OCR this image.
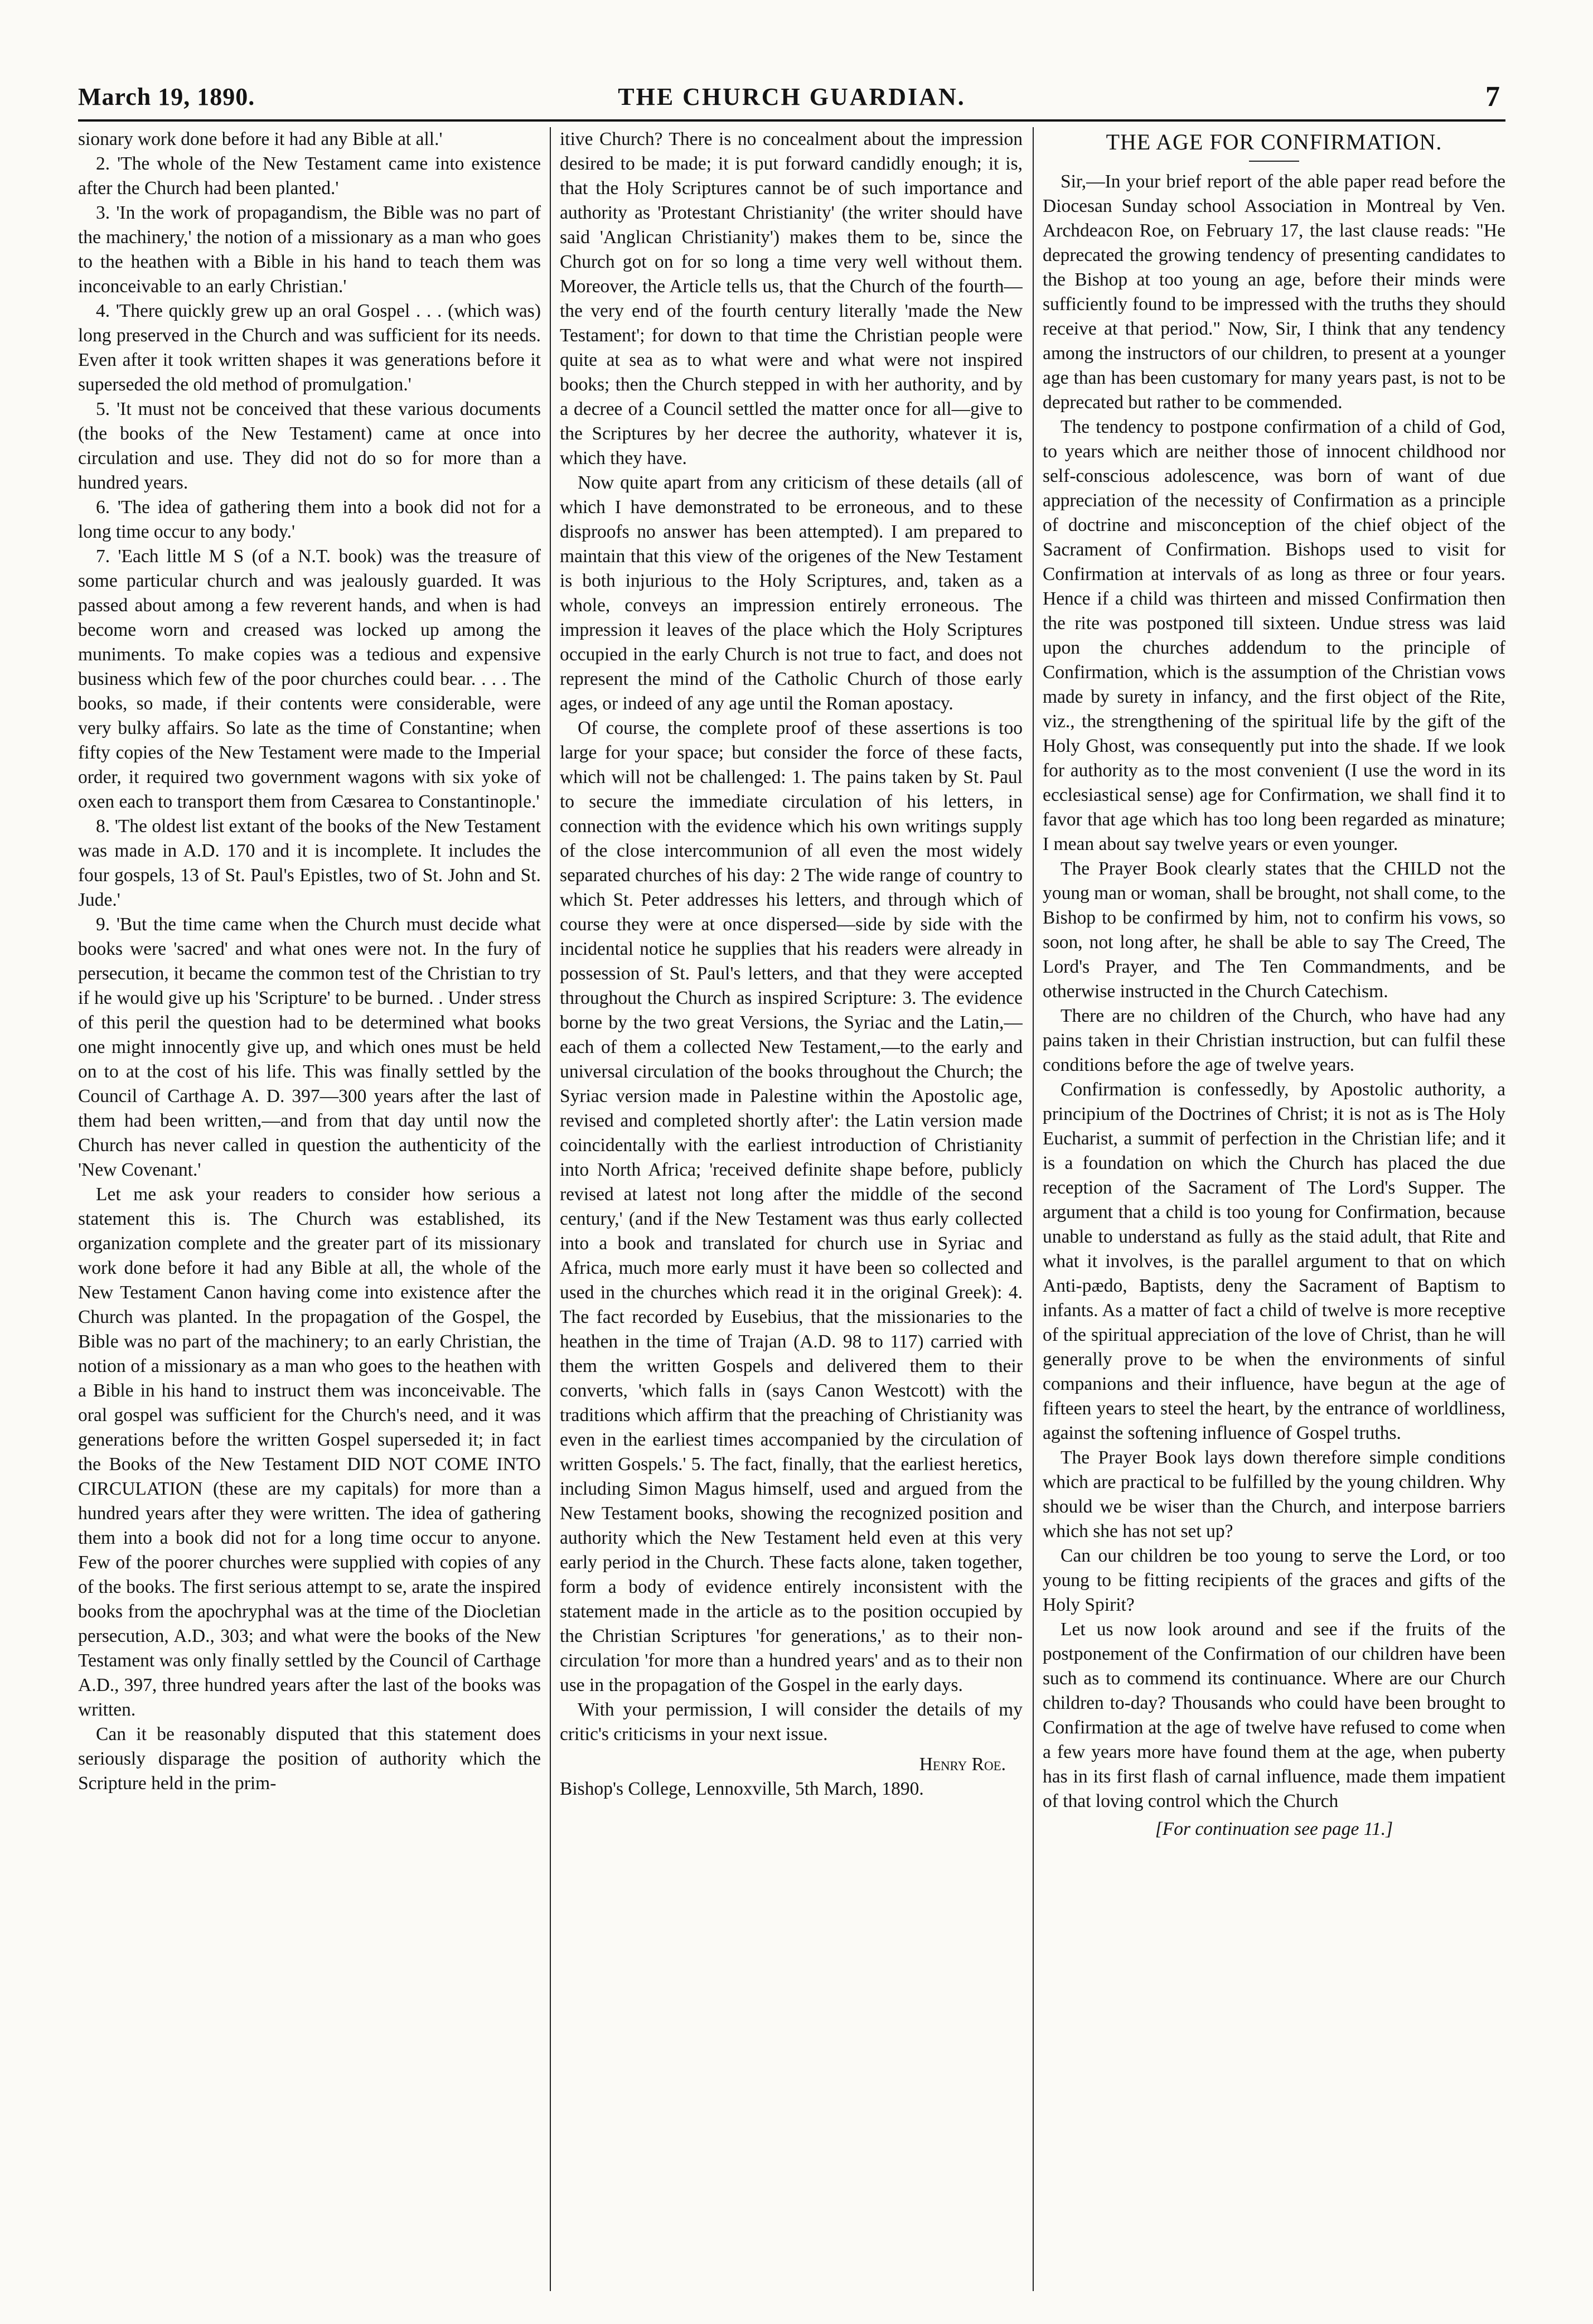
March 19, 1890.	THE CHURCH GUARDIAN.	7

sionary work done before it had any Bible at all.'

2. 'The whole of the New Testament came into existence after the Church had been planted.'

3. 'In the work of propagandism, the Bible was no part of the machinery,' the notion of a missionary as a man who goes to the heathen with a Bible in his hand to teach them was inconceivable to an early Christian.'

4. 'There quickly grew up an oral Gospel . . . (which was) long preserved in the Church and was sufficient for its needs. Even after it took written shapes it was generations before it superseded the old method of promulgation.'

5. 'It must not be conceived that these various documents (the books of the New Testament) came at once into circulation and use. They did not do so for more than a hundred years.

6. 'The idea of gathering them into a book did not for a long time occur to any body.'

7. 'Each little M S (of a N.T. book) was the treasure of some particular church and was jealously guarded. It was passed about among a few reverent hands, and when is had become worn and creased was locked up among the muniments. To make copies was a tedious and expensive business which few of the poor churches could bear. . . . The books, so made, if their contents were considerable, were very bulky affairs. So late as the time of Constantine; when fifty copies of the New Testament were made to the Imperial order, it required two government wagons with six yoke of oxen each to transport them from Cæsarea to Constantinople.'

8. 'The oldest list extant of the books of the New Testament was made in A.D. 170 and it is incomplete. It includes the four gospels, 13 of St. Paul's Epistles, two of St. John and St. Jude.'

9. 'But the time came when the Church must decide what books were 'sacred' and what ones were not. In the fury of persecution, it became the common test of the Christian to try if he would give up his 'Scripture' to be burned. . Under stress of this peril the question had to be determined what books one might innocently give up, and which ones must be held on to at the cost of his life. This was finally settled by the Council of Carthage A. D. 397—300 years after the last of them had been written,—and from that day until now the Church has never called in question the authenticity of the 'New Covenant.'

Let me ask your readers to consider how serious a statement this is. The Church was established, its organization complete and the greater part of its missionary work done before it had any Bible at all, the whole of the New Testament Canon having come into existence after the Church was planted. In the propagation of the Gospel, the Bible was no part of the machinery; to an early Christian, the notion of a missionary as a man who goes to the heathen with a Bible in his hand to instruct them was inconceivable. The oral gospel was sufficient for the Church's need, and it was generations before the written Gospel superseded it; in fact the Books of the New Testament DID NOT COME INTO CIRCULATION (these are my capitals) for more than a hundred years after they were written. The idea of gathering them into a book did not for a long time occur to anyone. Few of the poorer churches were supplied with copies of any of the books. The first serious attempt to se, arate the inspired books from the apochryphal was at the time of the Diocletian persecution, A.D., 303; and what were the books of the New Testament was only finally settled by the Council of Carthage A.D., 397, three hundred years after the last of the books was written.

Can it be reasonably disputed that this statement does seriously disparage the position of authority which the Scripture held in the prim-

itive Church? There is no concealment about the impression desired to be made; it is put forward candidly enough; it is, that the Holy Scriptures cannot be of such importance and authority as 'Protestant Christianity' (the writer should have said 'Anglican Christianity') makes them to be, since the Church got on for so long a time very well without them. Moreover, the Article tells us, that the Church of the fourth—the very end of the fourth century literally 'made the New Testament'; for down to that time the Christian people were quite at sea as to what were and what were not inspired books; then the Church stepped in with her authority, and by a decree of a Council settled the matter once for all—give to the Scriptures by her decree the authority, whatever it is, which they have.

Now quite apart from any criticism of these details (all of which I have demonstrated to be erroneous, and to these disproofs no answer has been attempted). I am prepared to maintain that this view of the origenes of the New Testament is both injurious to the Holy Scriptures, and, taken as a whole, conveys an impression entirely erroneous. The impression it leaves of the place which the Holy Scriptures occupied in the early Church is not true to fact, and does not represent the mind of the Catholic Church of those early ages, or indeed of any age until the Roman apostacy.

Of course, the complete proof of these assertions is too large for your space; but consider the force of these facts, which will not be challenged: 1. The pains taken by St. Paul to secure the immediate circulation of his letters, in connection with the evidence which his own writings supply of the close intercommunion of all even the most widely separated churches of his day: 2 The wide range of country to which St. Peter addresses his letters, and through which of course they were at once dispersed—side by side with the incidental notice he supplies that his readers were already in possession of St. Paul's letters, and that they were accepted throughout the Church as inspired Scripture: 3. The evidence borne by the two great Versions, the Syriac and the Latin,—each of them a collected New Testament,—to the early and universal circulation of the books throughout the Church; the Syriac version made in Palestine within the Apostolic age, revised and completed shortly after': the Latin version made coincidentally with the earliest introduction of Christianity into North Africa; 'received definite shape before, publicly revised at latest not long after the middle of the second century,' (and if the New Testament was thus early collected into a book and translated for church use in Syriac and Africa, much more early must it have been so collected and used in the churches which read it in the original Greek): 4. The fact recorded by Eusebius, that the missionaries to the heathen in the time of Trajan (A.D. 98 to 117) carried with them the written Gospels and delivered them to their converts, 'which falls in (says Canon Westcott) with the traditions which affirm that the preaching of Christianity was even in the earliest times accompanied by the circulation of written Gospels.' 5. The fact, finally, that the earliest heretics, including Simon Magus himself, used and argued from the New Testament books, showing the recognized position and authority which the New Testament held even at this very early period in the Church. These facts alone, taken together, form a body of evidence entirely inconsistent with the statement made in the article as to the position occupied by the Christian Scriptures 'for generations,' as to their non-circulation 'for more than a hundred years' and as to their non use in the propagation of the Gospel in the early days.

With your permission, I will consider the details of my critic's criticisms in your next issue.

Henry Roe.

Bishop's College, Lennoxville, 5th March, 1890.

THE AGE FOR CONFIRMATION.

Sir,—In your brief report of the able paper read before the Diocesan Sunday school Association in Montreal by Ven. Archdeacon Roe, on February 17, the last clause reads: "He deprecated the growing tendency of presenting candidates to the Bishop at too young an age, before their minds were sufficiently found to be impressed with the truths they should receive at that period." Now, Sir, I think that any tendency among the instructors of our children, to present at a younger age than has been customary for many years past, is not to be deprecated but rather to be commended.

The tendency to postpone confirmation of a child of God, to years which are neither those of innocent childhood nor self-conscious adolescence, was born of want of due appreciation of the necessity of Confirmation as a principle of doctrine and misconception of the chief object of the Sacrament of Confirmation. Bishops used to visit for Confirmation at intervals of as long as three or four years. Hence if a child was thirteen and missed Confirmation then the rite was postponed till sixteen. Undue stress was laid upon the churches addendum to the principle of Confirmation, which is the assumption of the Christian vows made by surety in infancy, and the first object of the Rite, viz., the strengthening of the spiritual life by the gift of the Holy Ghost, was consequently put into the shade. If we look for authority as to the most convenient (I use the word in its ecclesiastical sense) age for Confirmation, we shall find it to favor that age which has too long been regarded as minature; I mean about say twelve years or even younger.

The Prayer Book clearly states that the CHILD not the young man or woman, shall be brought, not shall come, to the Bishop to be confirmed by him, not to confirm his vows, so soon, not long after, he shall be able to say The Creed, The Lord's Prayer, and The Ten Commandments, and be otherwise instructed in the Church Catechism.

There are no children of the Church, who have had any pains taken in their Christian instruction, but can fulfil these conditions before the age of twelve years.

Confirmation is confessedly, by Apostolic authority, a principium of the Doctrines of Christ; it is not as is The Holy Eucharist, a summit of perfection in the Christian life; and it is a foundation on which the Church has placed the due reception of the Sacrament of The Lord's Supper. The argument that a child is too young for Confirmation, because unable to understand as fully as the staid adult, that Rite and what it involves, is the parallel argument to that on which Anti-pædo, Baptists, deny the Sacrament of Baptism to infants. As a matter of fact a child of twelve is more receptive of the spiritual appreciation of the love of Christ, than he will generally prove to be when the environments of sinful companions and their influence, have begun at the age of fifteen years to steel the heart, by the entrance of worldliness, against the softening influence of Gospel truths.

The Prayer Book lays down therefore simple conditions which are practical to be fulfilled by the young children. Why should we be wiser than the Church, and interpose barriers which she has not set up?

Can our children be too young to serve the Lord, or too young to be fitting recipients of the graces and gifts of the Holy Spirit?

Let us now look around and see if the fruits of the postponement of the Confirmation of our children have been such as to commend its continuance. Where are our Church children to-day? Thousands who could have been brought to Confirmation at the age of twelve have refused to come when a few years more have found them at the age, when puberty has in its first flash of carnal influence, made them impatient of that loving control which the Church

[For continuation see page 11.]
